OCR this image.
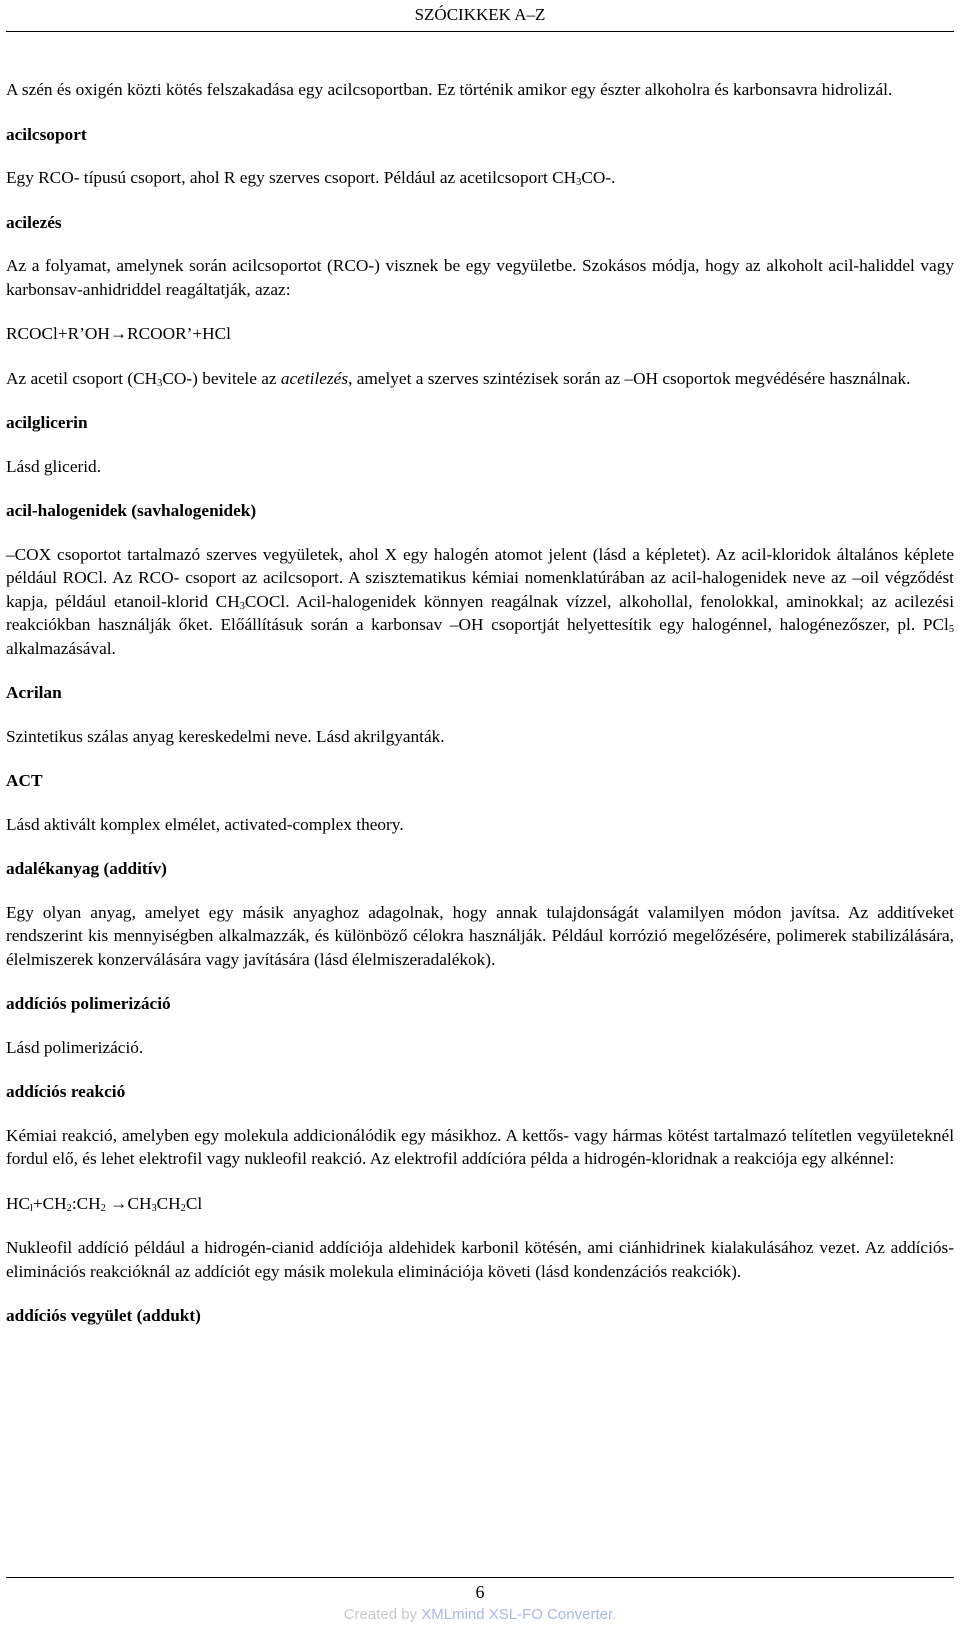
SZÓCIKKEK A–Z

A szén és oxigén közti kötés felszakadása egy acilcsoportban. Ez történik amikor egy észter alkoholra és karbonsavra hidrolizál.

acilcsoport

Egy RCO- típusú csoport, ahol R egy szerves csoport. Például az acetilcsoport $CH_3CO-$.

acilezés

Az a folyamat, amelynek során acilcsoportot (RCO-) visznek be egy vegyületbe. Szokásos módja, hogy az alkoholt acil-haliddel vagy karbonsav-anhidriddel reagáltatják, azaz:

RCOCl+R’OH→RCOOR’+HCl

Az acetil csoport $(CH_3CO-)$ bevitele az acetilezés, amelyet a szerves szintézisek során az –OH csoportok megvédésére használnak.

acilglicerin

Lásd glicerid.

acil-halogenidek (savhalogenidek)

–COX csoportot tartalmazó szerves vegyületek, ahol X egy halogén atomot jelent (lásd a képletet). Az acil-kloridok általános képlete például ROCl. Az RCO- csoport az acilcsoport. A szisztematikus kémiai nomenklatúrában az acil-halogenidek neve az –oil végződést kapja, például etanoil-klorid $CH_3COCl$. Acil-halogenidek könnyen reagálnak vízzel, alkohollal, fenolokkal, aminokkal; az acilezési reakciókban használják őket. Előállításuk során a karbonsav –OH csoportját helyettesítik egy halogénnel, halogénezőszer, pl. PCl$_5$ alkalmazásával.

Acrilan

Szintetikus szálas anyag kereskedelmi neve. Lásd akrilgyanták.

ACT

Lásd aktivált komplex elmélet, activated-complex theory.

adalékanyag (additív)

Egy olyan anyag, amelyet egy másik anyaghoz adagolnak, hogy annak tulajdonságát valamilyen módon javítsa. Az additíveket rendszerint kis mennyiségben alkalmazzák, és különböző célokra használják. Például korrózió megelőzésére, polimerek stabilizálására, élelmiszerek konzerválására vagy javítására (lásd élelmiszeradalékok).

addíciós polimerizáció

Lásd polimerizáció.

addíciós reakció

Kémiai reakció, amelyben egy molekula addicionálódik egy másikhoz. A kettős- vagy hármas kötést tartalmazó telítetlen vegyületeknél fordul elő, és lehet elektrofil vagy nukleofil reakció. Az elektrofil addícióra példa a hidrogén-kloridnak a reakciója egy alkénnel:

$HC_l+CH_2:CH_2 \to CH_3CH_2Cl$

Nukleofil addíció például a hidrogén-cianid addíciója aldehidek karbonil kötésén, ami ciánhidrinek kialakulásához vezet. Az addíciós-eliminációs reakcióknál az addíciót egy másik molekula eliminációja követi (lásd kondenzációs reakciók).

addíciós vegyület (addukt)
6
Created by XMLmind XSL-FO Converter.
